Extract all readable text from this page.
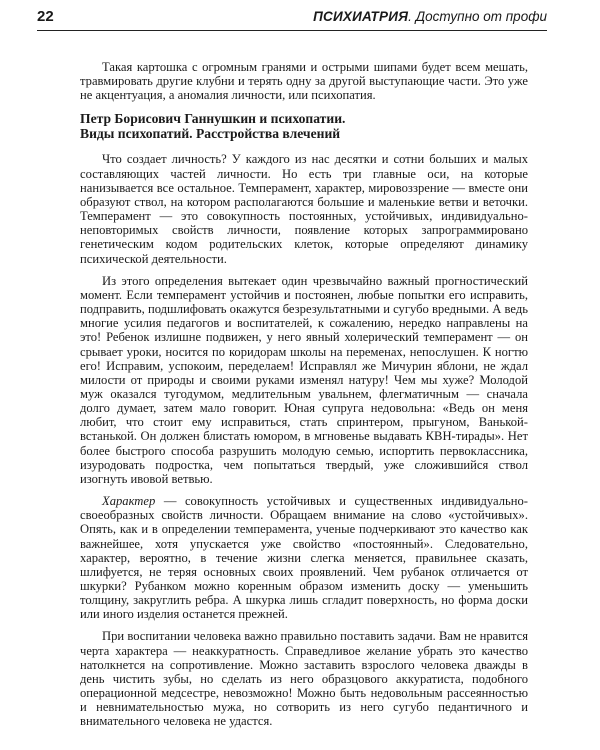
22	ПСИХИАТРИЯ. Доступно от профи

Такая картошка с огромным гранями и острыми шипами будет всем мешать, травмировать другие клубни и терять одну за другой выступающие части. Это уже не акцентуация, а аномалия личности, или психопатия.

Петр Борисович Ганнушкин и психопатии.
Виды психопатий. Расстройства влечений

Что создает личность? У каждого из нас десятки и сотни больших и малых составляющих частей личности. Но есть три главные оси, на которые нанизывается все остальное. Темперамент, характер, мировоззрение — вместе они образуют ствол, на котором располагаются большие и маленькие ветви и веточки. Темперамент — это совокупность постоянных, устойчивых, индивидуально-неповторимых свойств личности, появление которых запрограммировано генетическим кодом родительских клеток, которые определяют динамику психической деятельности.

Из этого определения вытекает один чрезвычайно важный прогностический момент. Если темперамент устойчив и постоянен, любые попытки его исправить, подправить, подшлифовать окажутся безрезультатными и сугубо вредными. А ведь многие усилия педагогов и воспитателей, к сожалению, нередко направлены на это! Ребенок излишне подвижен, у него явный холерический темперамент — он срывает уроки, носится по коридорам школы на переменах, непослушен. К ногтю его! Исправим, успокоим, переделаем! Исправлял же Мичурин яблони, не ждал милости от природы и своими руками изменял натуру! Чем мы хуже? Молодой муж оказался тугодумом, медлительным увальнем, флегматичным — сначала долго думает, затем мало говорит. Юная супруга недовольна: «Ведь он меня любит, что стоит ему исправиться, стать спринтером, прыгуном, Ванькой-встанькой. Он должен блистать юмором, в мгновенье выдавать КВН-тирады». Нет более быстрого способа разрушить молодую семью, испортить первоклассника, изуродовать подростка, чем попытаться твердый, уже сложившийся ствол изогнуть ивовой ветвью.

Характер — совокупность устойчивых и существенных индивидуально-своеобразных свойств личности. Обращаем внимание на слово «устойчивых». Опять, как и в определении темперамента, ученые подчеркивают это качество как важнейшее, хотя упускается уже свойство «постоянный». Следовательно, характер, вероятно, в течение жизни слегка меняется, правильнее сказать, шлифуется, не теряя основных своих проявлений. Чем рубанок отличается от шкурки? Рубанком можно коренным образом изменить доску — уменьшить толщину, закруглить ребра. А шкурка лишь сгладит поверхность, но форма доски или иного изделия останется прежней.

При воспитании человека важно правильно поставить задачи. Вам не нравится черта характера — неаккуратность. Справедливое желание убрать это качество натолкнется на сопротивление. Можно заставить взрослого человека дважды в день чистить зубы, но сделать из него образцового аккуратиста, подобного операционной медсестре, невозможно! Можно быть недовольным рассеянностью и невнимательностью мужа, но сотворить из него сугубо педантичного и внимательного человека не удастся.
